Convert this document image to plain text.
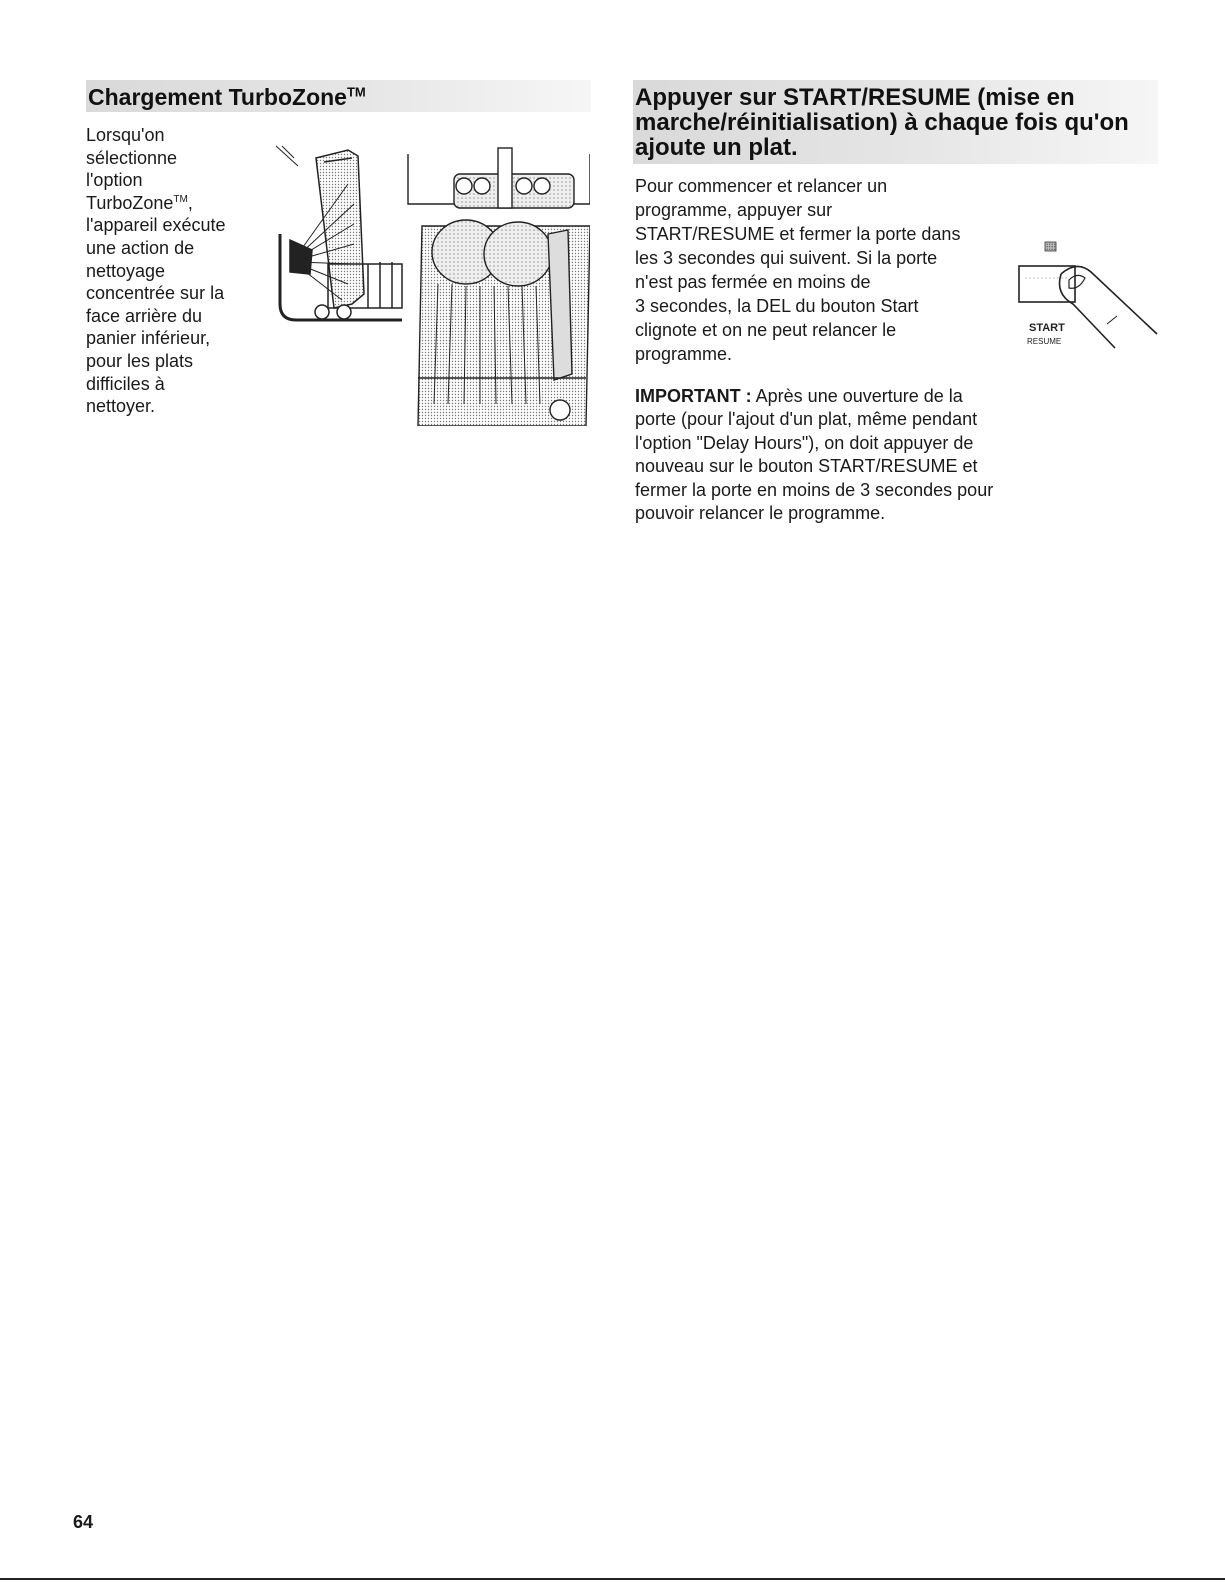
Chargement TurboZone™
Lorsqu'on
sélectionne
l'option
TurboZone™,
l'appareil exécute
une action de
nettoyage
concentrée sur la
face arrière du
panier inférieur,
pour les plats
difficiles à
nettoyer.
Appuyer sur START/RESUME (mise en marche/réinitialisation) à chaque fois qu'on ajoute un plat.

Pour commencer et relancer un

programme, appuyer sur

START/RESUME et fermer la porte dans

les 3 secondes qui suivent. Si la porte

n'est pas fermée en moins de

3 secondes, la DEL du bouton Start

clignote et on ne peut relancer le

programme.

IMPORTANT : Après une ouverture de la porte (pour l'ajout d'un plat, même pendant l'option "Delay Hours"), on doit appuyer de nouveau sur le bouton START/RESUME et fermer la porte en moins de 3 secondes pour pouvoir relancer le programme.

START
RESUME
64
